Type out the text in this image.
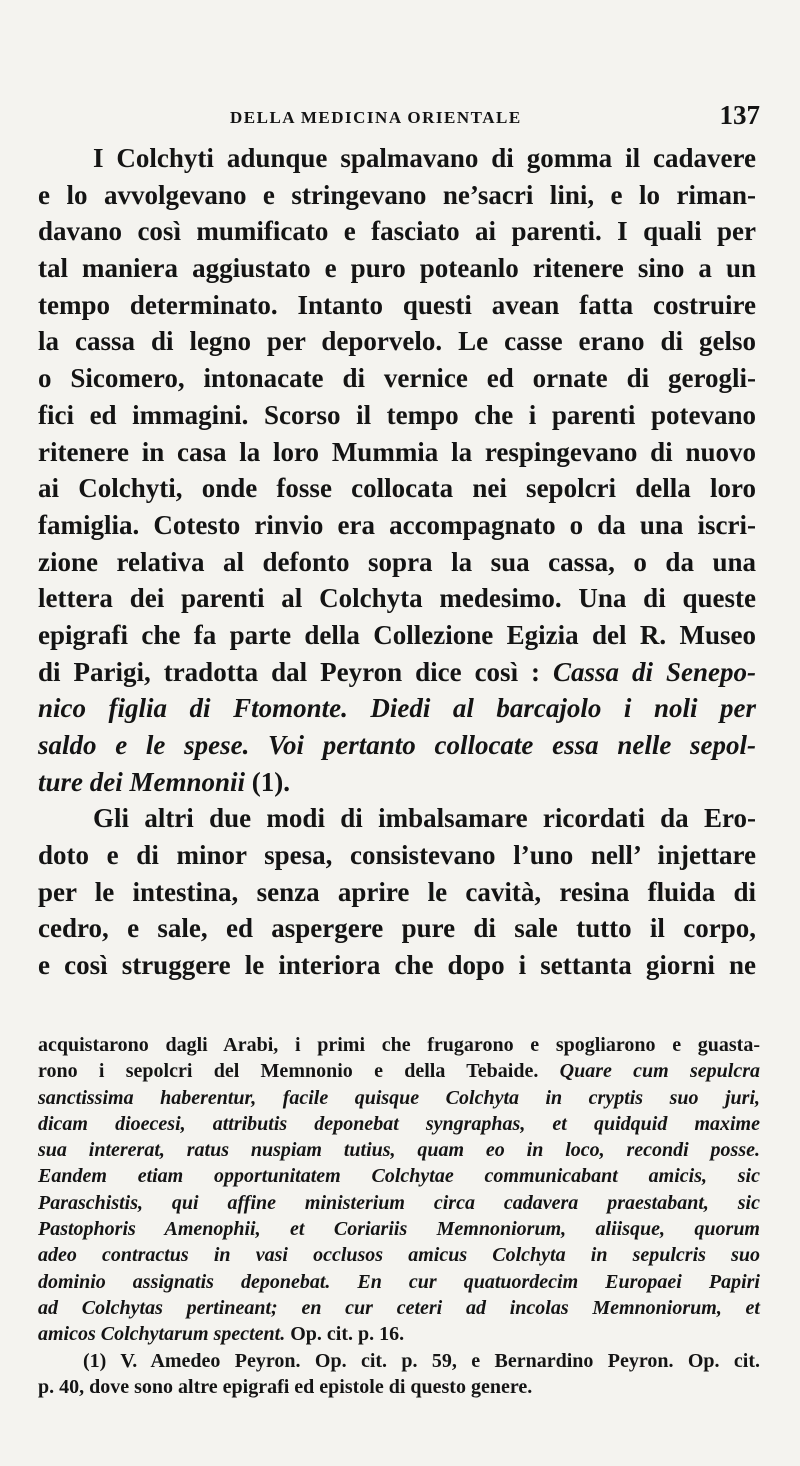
DELLA MEDICINA ORIENTALE	137
I Colchyti adunque spalmavano di gomma il cadavere
e lo avvolgevano e stringevano ne’sacri lini, e lo riman-
davano così mumificato e fasciato ai parenti. I quali per
tal maniera aggiustato e puro poteanlo ritenere sino a un
tempo determinato. Intanto questi avean fatta costruire
la cassa di legno per deporvelo. Le casse erano di gelso
o Sicomero, intonacate di vernice ed ornate di gerogli-
fici ed immagini. Scorso il tempo che i parenti potevano
ritenere in casa la loro Mummia la respingevano di nuovo
ai Colchyti, onde fosse collocata nei sepolcri della loro
famiglia. Cotesto rinvio era accompagnato o da una iscri-
zione relativa al defonto sopra la sua cassa, o da una
lettera dei parenti al Colchyta medesimo. Una di queste
epigrafi che fa parte della Collezione Egizia del R. Museo
di Parigi, tradotta dal Peyron dice così : Cassa di Senepo-
nico figlia di Ftomonte. Diedi al barcajolo i noli per
saldo e le spese. Voi pertanto collocate essa nelle sepol-
ture dei Memnonii (1).
Gli altri due modi di imbalsamare ricordati da Ero-
doto e di minor spesa, consistevano l’uno nell’ injettare
per le intestina, senza aprire le cavità, resina fluida di
cedro, e sale, ed aspergere pure di sale tutto il corpo,
e così struggere le interiora che dopo i settanta giorni ne
acquistarono dagli Arabi, i primi che frugarono e spogliarono e guasta-
rono i sepolcri del Memnonio e della Tebaide. Quare cum sepulcra
sanctissima haberentur, facile quisque Colchyta in cryptis suo juri,
dicam dioecesi, attributis deponebat syngraphas, et quidquid maxime
sua intererat, ratus nuspiam tutius, quam eo in loco, recondi posse.
Eandem etiam opportunitatem Colchytae communicabant amicis, sic
Paraschistis, qui affine ministerium circa cadavera praestabant, sic
Pastophoris Amenophii, et Coriariis Memnoniorum, aliisque, quorum
adeo contractus in vasi occlusos amicus Colchyta in sepulcris suo
dominio assignatis deponebat. En cur quatuordecim Europaei Papiri
ad Colchytas pertineant; en cur ceteri ad incolas Memnoniorum, et
amicos Colchytarum spectent. Op. cit. p. 16.
(1) V. Amedeo Peyron. Op. cit. p. 59, e Bernardino Peyron. Op. cit.
p. 40, dove sono altre epigrafi ed epistole di questo genere.
